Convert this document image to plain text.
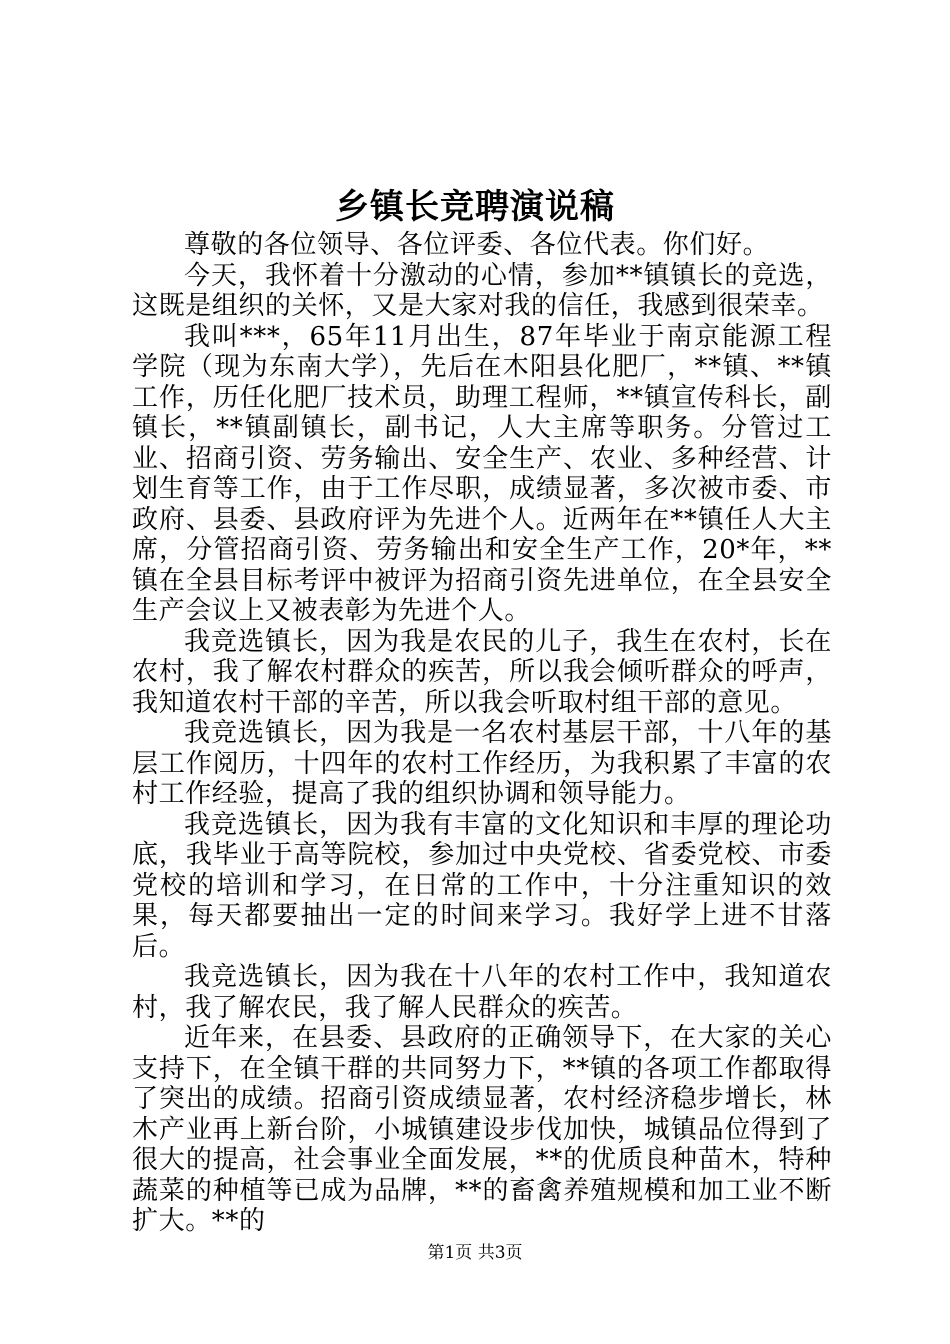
乡镇长竞聘演说稿

尊敬的各位领导、各位评委、各位代表。你们好。

今天，我怀着十分激动的心情，参加**镇镇长的竞选，这既是组织的关怀，又是大家对我的信任，我感到很荣幸。

我叫***，65年11月出生，87年毕业于南京能源工程学院（现为东南大学），先后在木阳县化肥厂，**镇、**镇工作，历任化肥厂技术员，助理工程师，**镇宣传科长，副镇长，**镇副镇长，副书记，人大主席等职务。分管过工业、招商引资、劳务输出、安全生产、农业、多种经营、计划生育等工作，由于工作尽职，成绩显著，多次被市委、市政府、县委、县政府评为先进个人。近两年在**镇任人大主席，分管招商引资、劳务输出和安全生产工作，20*年，**镇在全县目标考评中被评为招商引资先进单位，在全县安全生产会议上又被表彰为先进个人。

我竞选镇长，因为我是农民的儿子，我生在农村，长在农村，我了解农村群众的疾苦，所以我会倾听群众的呼声，我知道农村干部的辛苦，所以我会听取村组干部的意见。

我竞选镇长，因为我是一名农村基层干部，十八年的基层工作阅历，十四年的农村工作经历，为我积累了丰富的农村工作经验，提高了我的组织协调和领导能力。

我竞选镇长，因为我有丰富的文化知识和丰厚的理论功底，我毕业于高等院校，参加过中央党校、省委党校、市委党校的培训和学习，在日常的工作中，十分注重知识的效果，每天都要抽出一定的时间来学习。我好学上进不甘落后。

我竞选镇长，因为我在十八年的农村工作中，我知道农村，我了解农民，我了解人民群众的疾苦。

近年来，在县委、县政府的正确领导下，在大家的关心支持下，在全镇干群的共同努力下，**镇的各项工作都取得了突出的成绩。招商引资成绩显著，农村经济稳步增长，林木产业再上新台阶，小城镇建设步伐加快，城镇品位得到了很大的提高，社会事业全面发展，**的优质良种苗木，特种蔬菜的种植等已成为品牌，**的畜禽养殖规模和加工业不断扩大。**的

第1页 共3页
